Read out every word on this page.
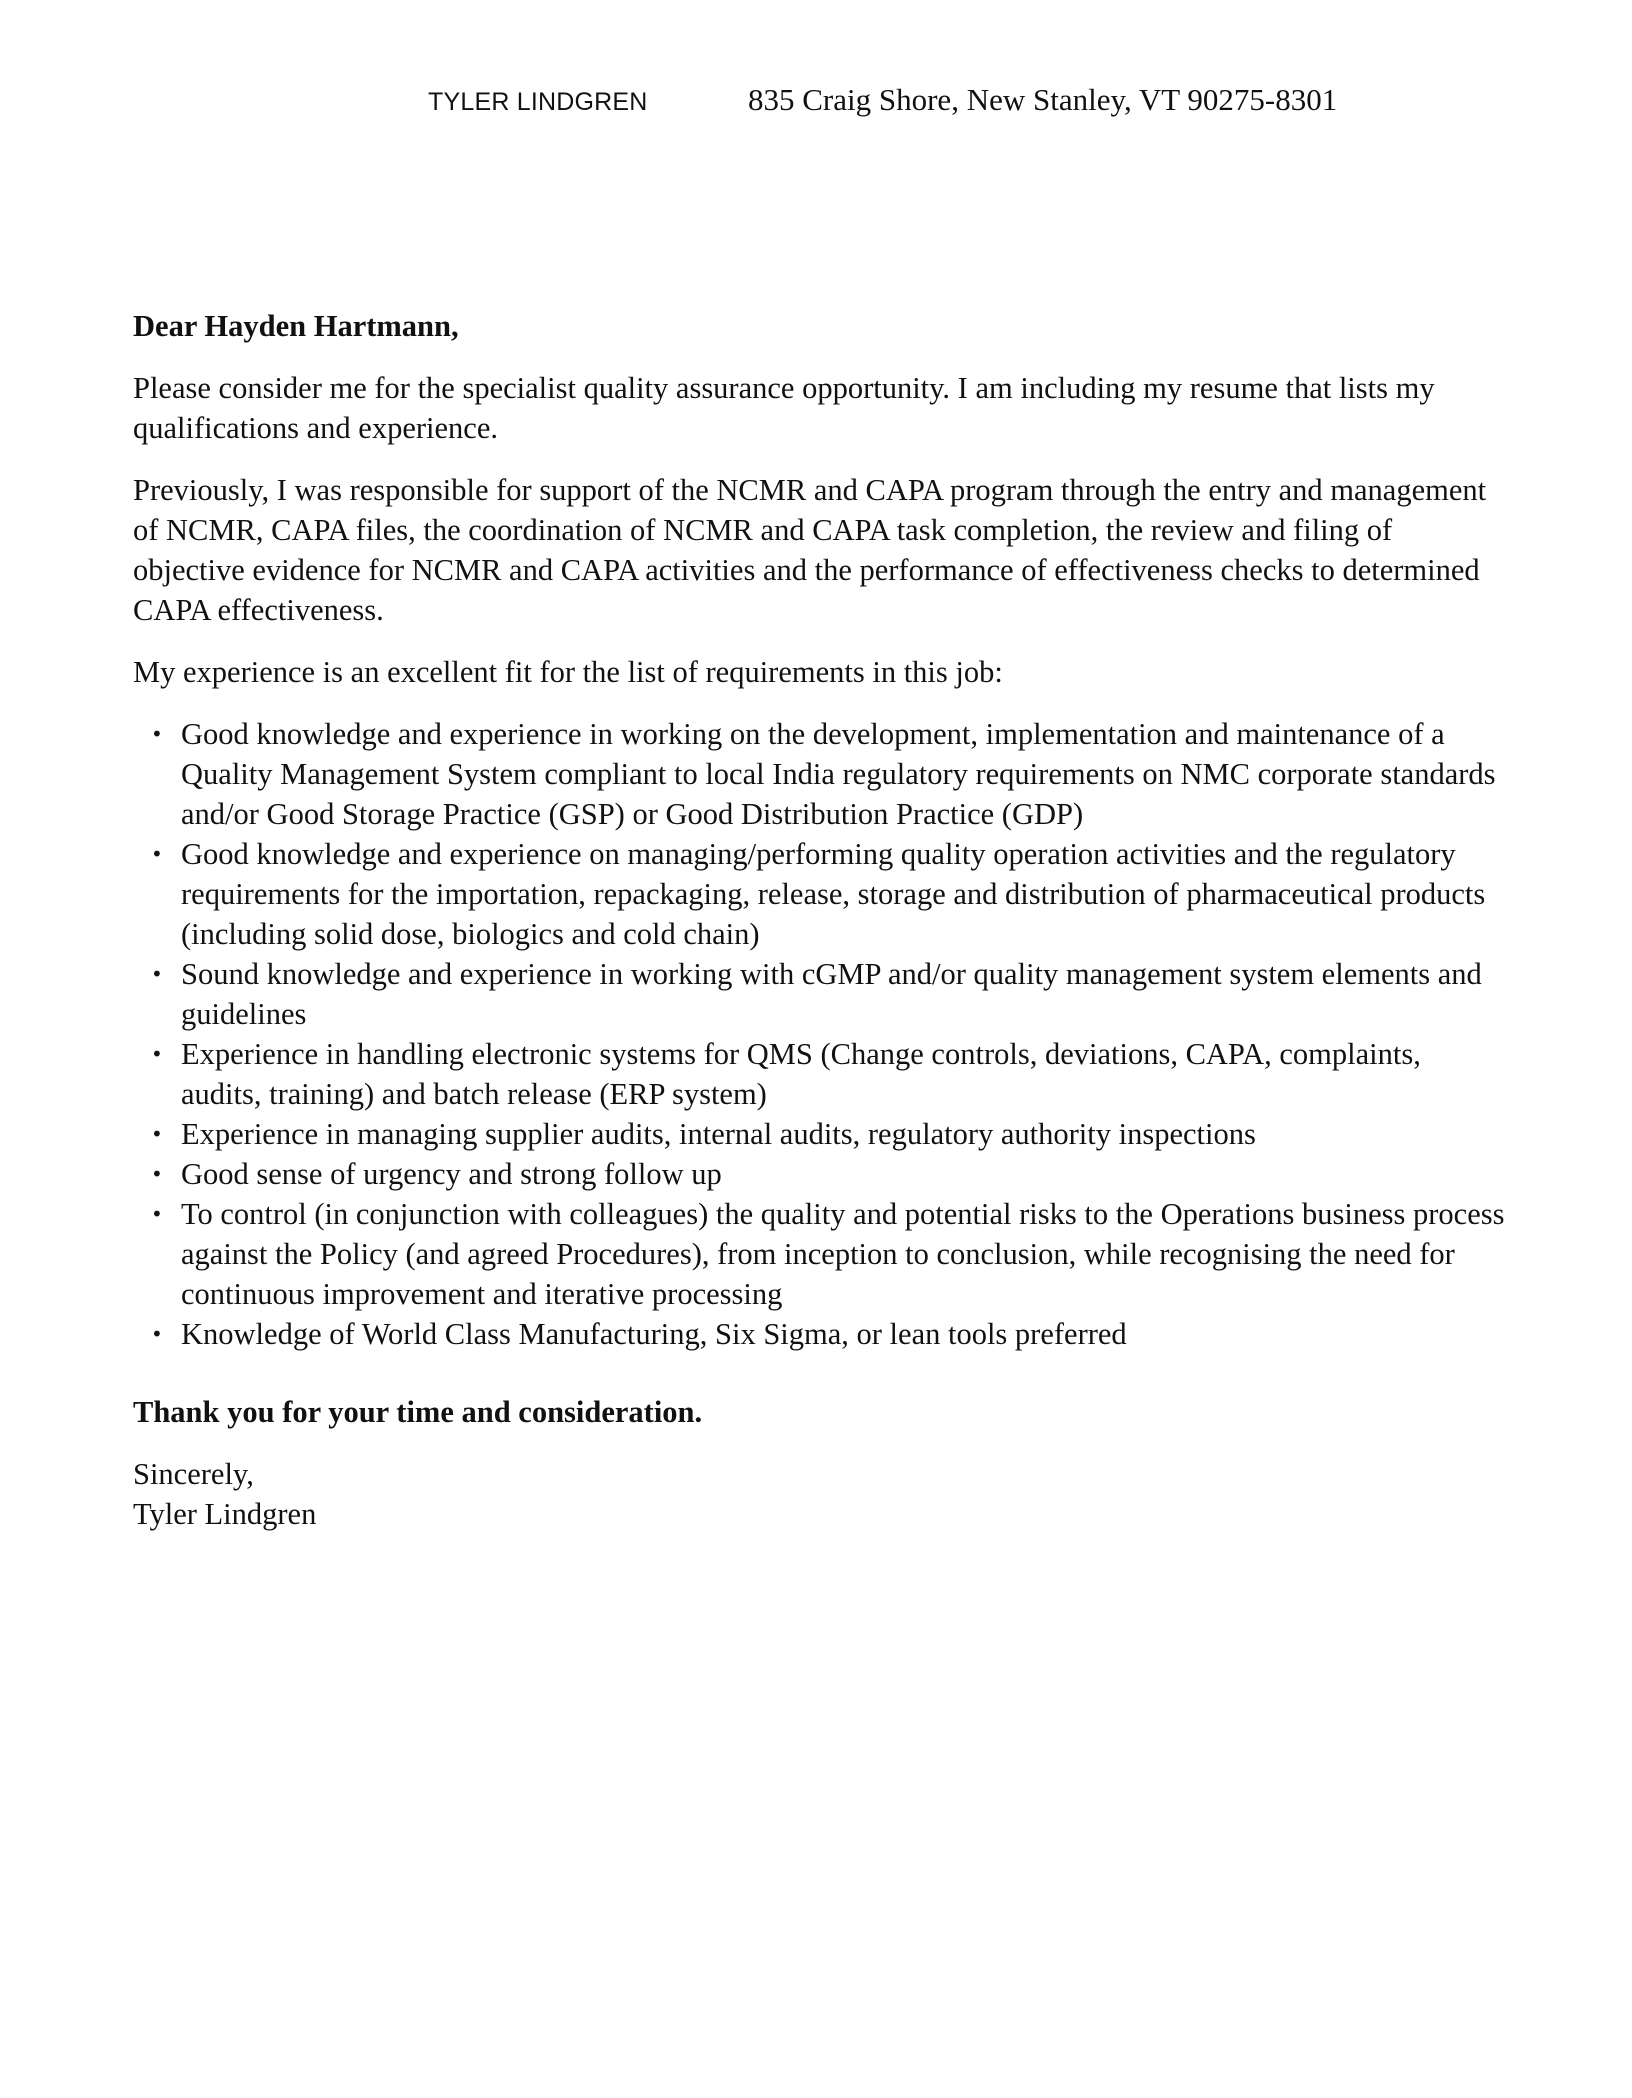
TYLER LINDGREN	835 Craig Shore, New Stanley, VT 90275-8301

Dear Hayden Hartmann,

Please consider me for the specialist quality assurance opportunity. I am including my resume that lists my qualifications and experience.

Previously, I was responsible for support of the NCMR and CAPA program through the entry and management of NCMR, CAPA files, the coordination of NCMR and CAPA task completion, the review and filing of objective evidence for NCMR and CAPA activities and the performance of effectiveness checks to determined CAPA effectiveness.

My experience is an excellent fit for the list of requirements in this job:

• Good knowledge and experience in working on the development, implementation and maintenance of a Quality Management System compliant to local India regulatory requirements on NMC corporate standards and/or Good Storage Practice (GSP) or Good Distribution Practice (GDP)
• Good knowledge and experience on managing/performing quality operation activities and the regulatory requirements for the importation, repackaging, release, storage and distribution of pharmaceutical products (including solid dose, biologics and cold chain)
• Sound knowledge and experience in working with cGMP and/or quality management system elements and guidelines
• Experience in handling electronic systems for QMS (Change controls, deviations, CAPA, complaints, audits, training) and batch release (ERP system)
• Experience in managing supplier audits, internal audits, regulatory authority inspections
• Good sense of urgency and strong follow up
• To control (in conjunction with colleagues) the quality and potential risks to the Operations business process against the Policy (and agreed Procedures), from inception to conclusion, while recognising the need for continuous improvement and iterative processing
• Knowledge of World Class Manufacturing, Six Sigma, or lean tools preferred

Thank you for your time and consideration.

Sincerely,

Tyler Lindgren
